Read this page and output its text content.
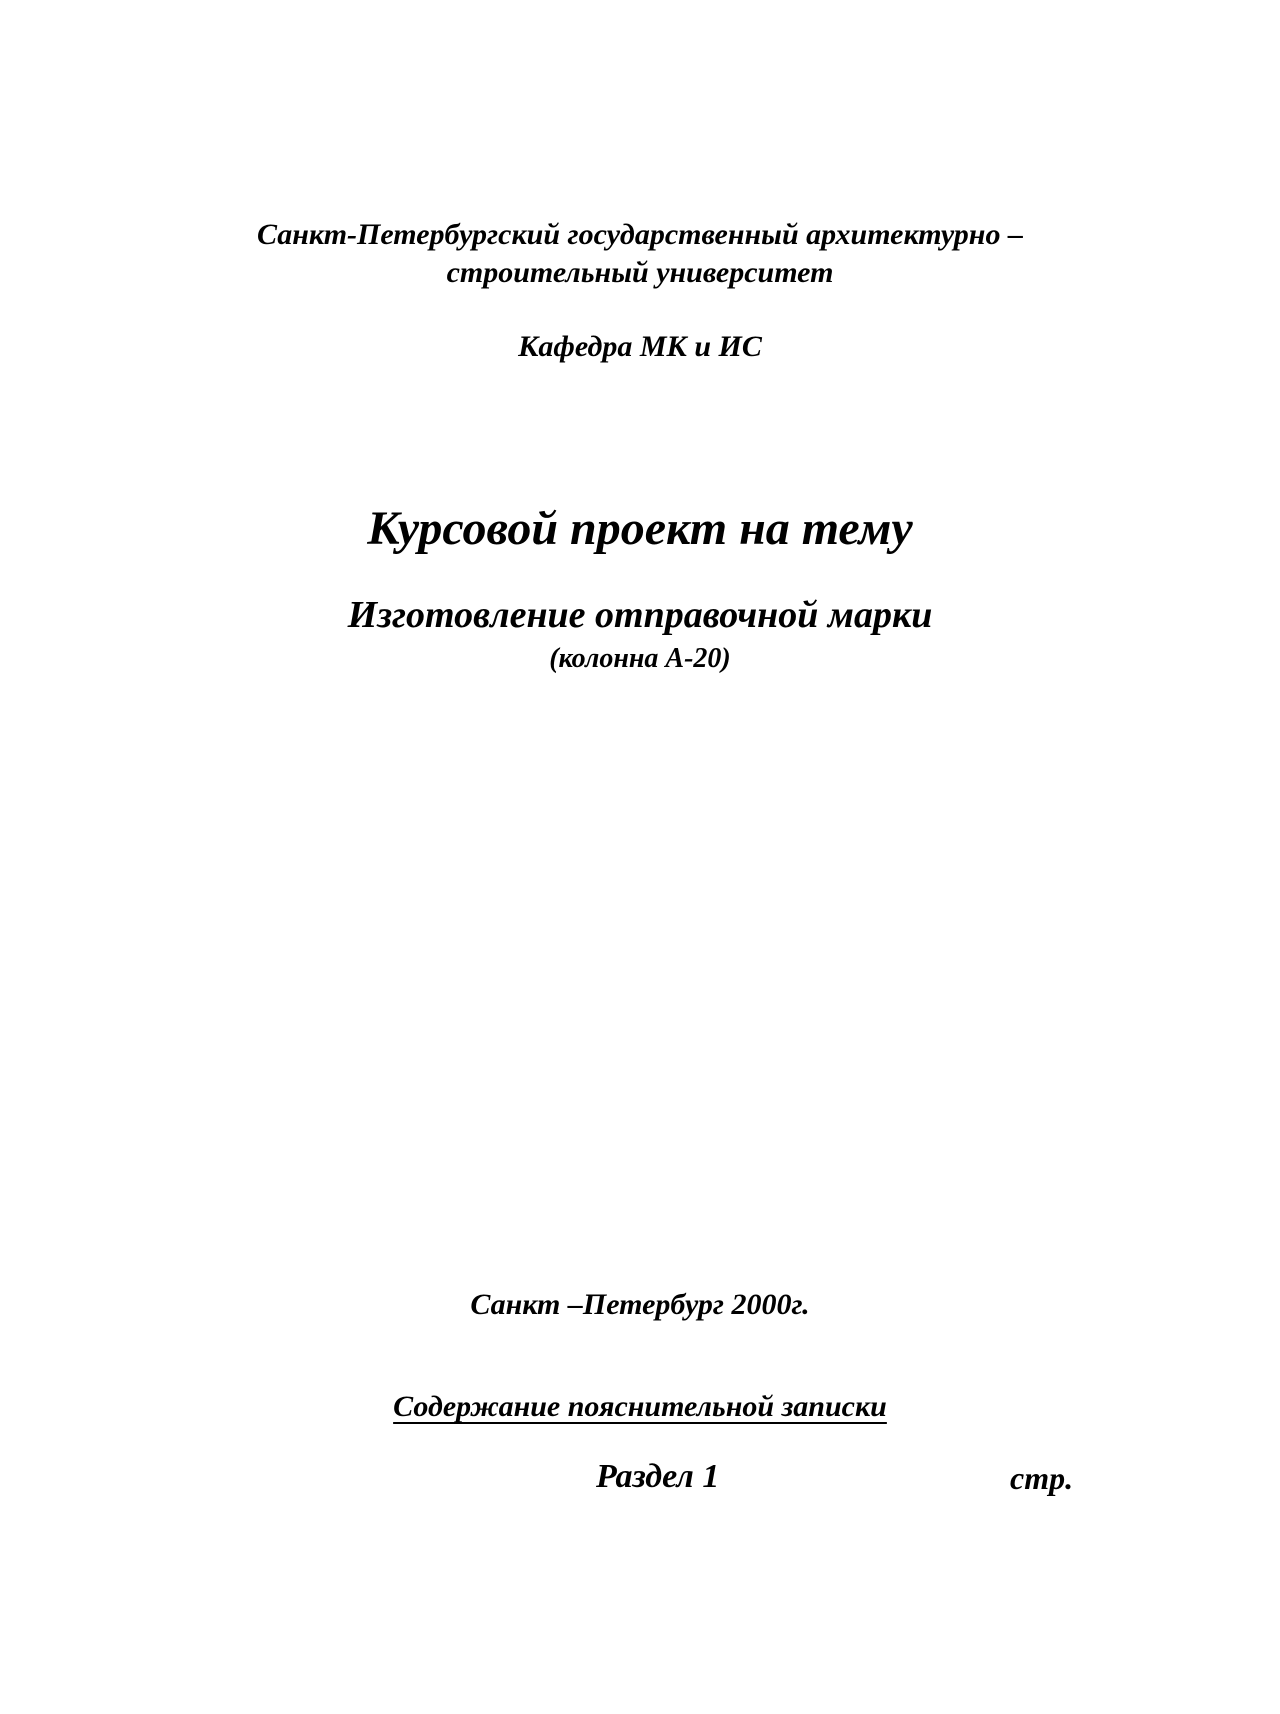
Санкт-Петербургский государственный архитектурно –
строительный университет
Кафедра МК и ИС
Курсовой проект на тему
Изготовление отправочной марки
(колонна А-20)
Санкт –Петербург 2000г.
Содержание пояснительной записки
Раздел 1	стр.
